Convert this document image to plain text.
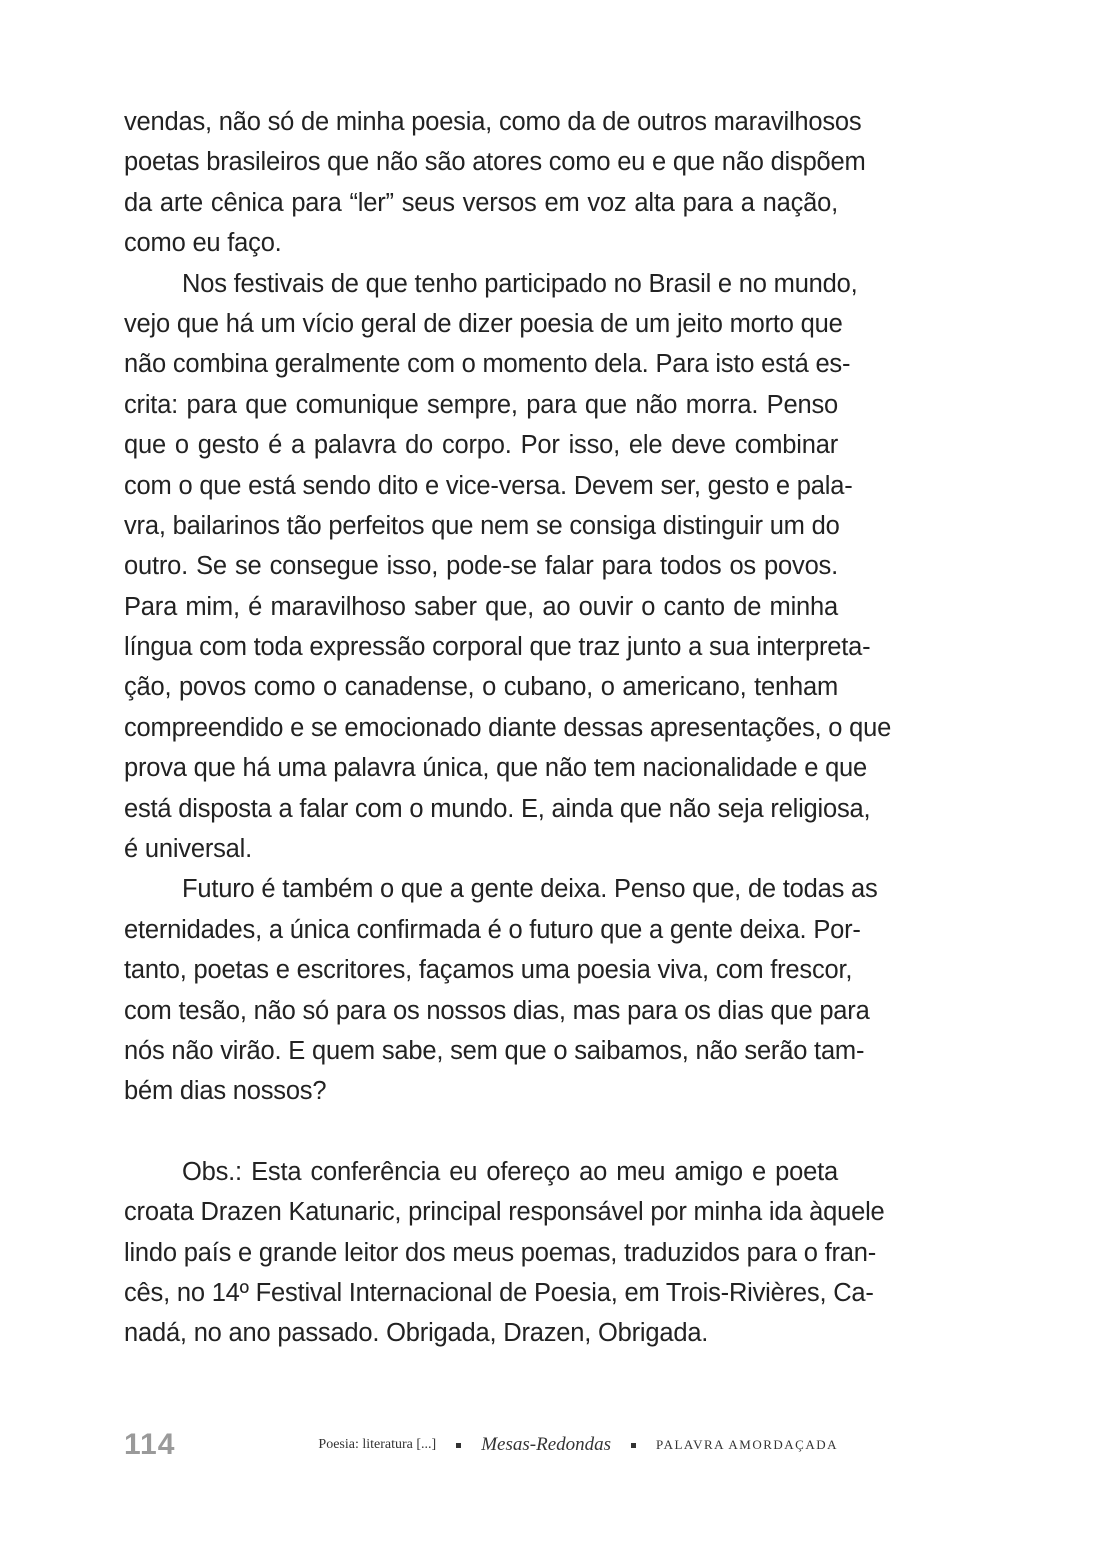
vendas, não só de minha poesia, como da de outros maravilhosos
poetas brasileiros que não são atores como eu e que não dispõem
da arte cênica para “ler” seus versos em voz alta para a nação,
como eu faço.
Nos festivais de que tenho participado no Brasil e no mundo,
vejo que há um vício geral de dizer poesia de um jeito morto que
não combina geralmente com o momento dela. Para isto está es-
crita: para que comunique sempre, para que não morra. Penso
que o gesto é a palavra do corpo. Por isso, ele deve combinar
com o que está sendo dito e vice-versa. Devem ser, gesto e pala-
vra, bailarinos tão perfeitos que nem se consiga distinguir um do
outro. Se se consegue isso, pode-se falar para todos os povos.
Para mim, é maravilhoso saber que, ao ouvir o canto de minha
língua com toda expressão corporal que traz junto a sua interpreta-
ção, povos como o canadense, o cubano, o americano, tenham
compreendido e se emocionado diante dessas apresentações, o que
prova que há uma palavra única, que não tem nacionalidade e que
está disposta a falar com o mundo. E, ainda que não seja religiosa,
é universal.
Futuro é também o que a gente deixa. Penso que, de todas as
eternidades, a única confirmada é o futuro que a gente deixa. Por-
tanto, poetas e escritores, façamos uma poesia viva, com frescor,
com tesão, não só para os nossos dias, mas para os dias que para
nós não virão. E quem sabe, sem que o saibamos, não serão tam-
bém dias nossos?
Obs.: Esta conferência eu ofereço ao meu amigo e poeta
croata Drazen Katunaric, principal responsável por minha ida àquele
lindo país e grande leitor dos meus poemas, traduzidos para o fran-
cês, no 14º Festival Internacional de Poesia, em Trois-Rivières, Ca-
nadá, no ano passado. Obrigada, Drazen, Obrigada.
114	Poesia: literatura [...] Mesas-Redondas	PALAVRA AMORDAÇADA
